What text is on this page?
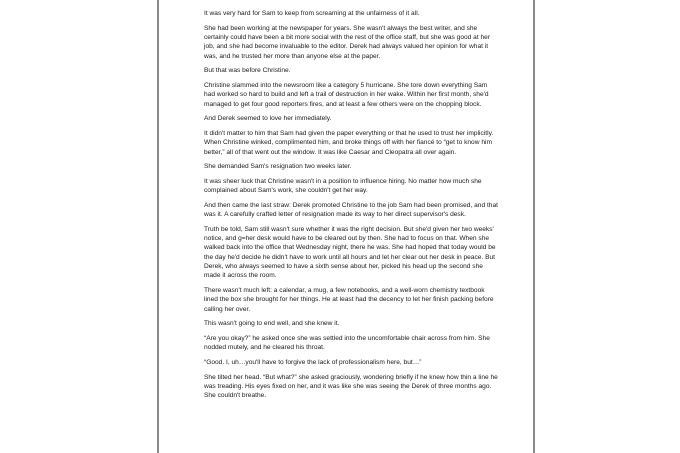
It was very hard for Sam to keep from screaming at the unfairness of it all.

She had been working at the newspaper for years. She wasn't always the best writer, and she certainly could have been a bit more social with the rest of the office staff, but she was good at her job, and she had become invaluable to the editor. Derek had always valued her opinion for what it was, and he trusted her more than anyone else at the paper.

But that was before Christine.

Christine slammed into the newsroom like a category 5 hurricane. She tore down everything Sam had worked so hard to build and left a trail of destruction in her wake. Within her first month, she'd managed to get four good reporters fires, and at least a few others were on the chopping block.

And Derek seemed to love her immediately.

It didn't matter to him that Sam had given the paper everything or that he used to trust her implicitly. When Christine winked, complimented him, and broke things off with her fiancé to “get to know him better,” all of that went out the window. It was like Caesar and Cleopatra all over again.

She demanded Sam's resignation two weeks later.

It was sheer luck that Christine wasn't in a position to influence hiring. No matter how much she complained about Sam's work, she couldn't get her way.

And then came the last straw: Derek promoted Christine to the job Sam had been promised, and that was it. A carefully crafted letter of resignation made its way to her direct supervisor's desk.

Truth be told, Sam still wasn't sure whether it was the right decision. But she'd given her two weeks' notice, and g=her desk would have to be cleared out by then. She had to focus on that. When she walked back into the office that Wednesday night, there he was. She had hoped that today would be the day he'd decide he didn't have to work until all hours and let her clear out her desk in peace. But Derek, who always seemed to have a sixth sense about her, picked his head up the second she made it across the room.

There wasn't much left: a calendar, a mug, a few notebooks, and a well-worn chemistry textbook lined the box she brought for her things. He at least had the decency to let her finish packing before calling her over.

This wasn't going to end well, and she knew it.

“Are you okay?” he asked once she was settled into the uncomfortable chair across from him. She nodded mutely, and he cleared his throat.

“Good. I, uh…you'll have to forgive the lack of professionalism here, but…”

She tilted her head. “But what?” she asked graciously, wondering briefly if he knew how thin a line he was treading. His eyes fixed on her, and it was like she was seeing the Derek of three months ago. She couldn't breathe.
